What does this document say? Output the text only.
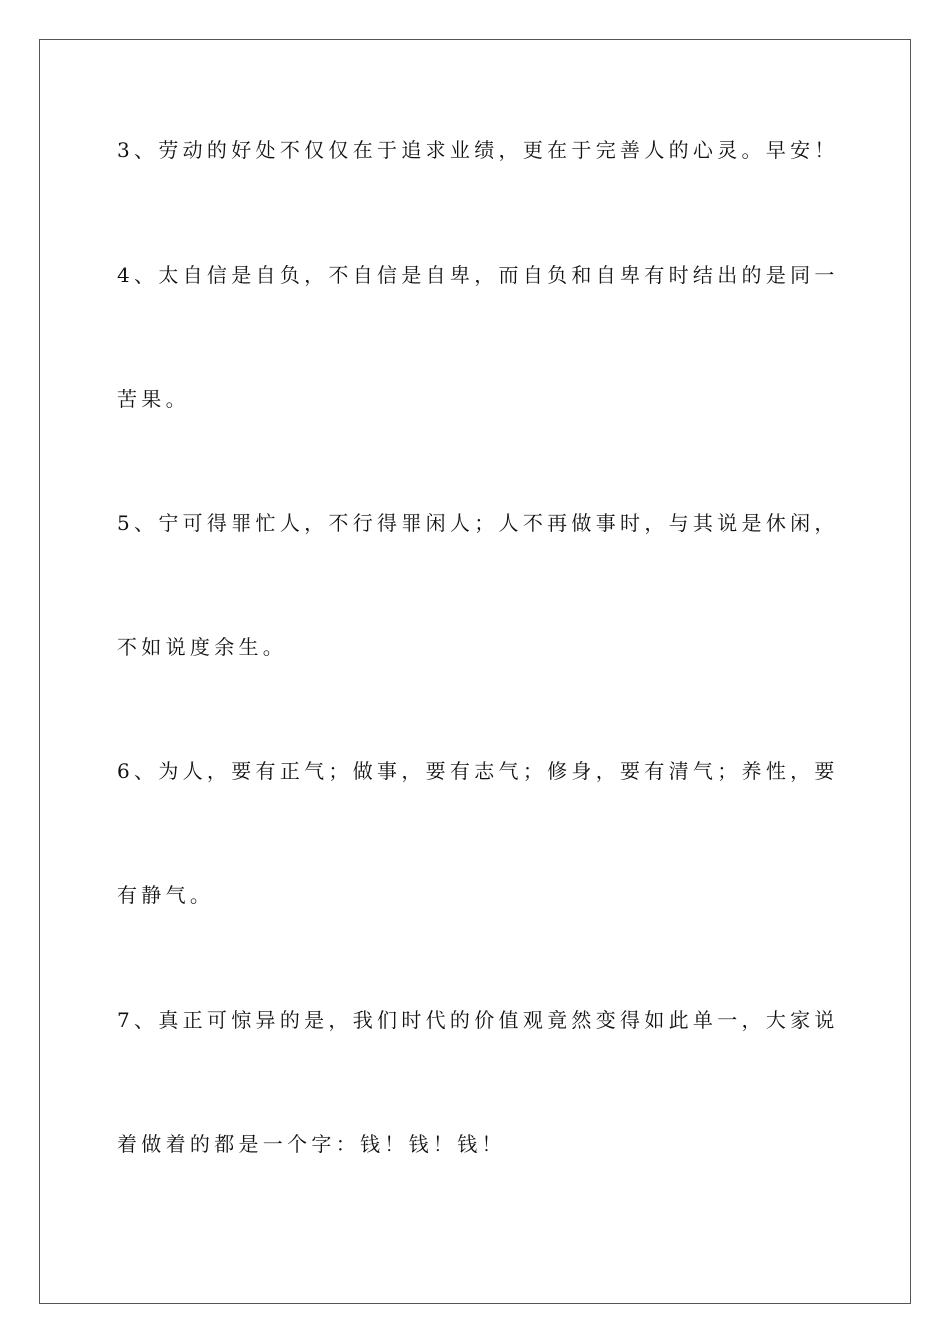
3、劳动的好处不仅仅在于追求业绩，更在于完善人的心灵。早安！

4、太自信是自负，不自信是自卑，而自负和自卑有时结出的是同一

苦果。

5、宁可得罪忙人，不行得罪闲人；人不再做事时，与其说是休闲，

不如说度余生。

6、为人，要有正气；做事，要有志气；修身，要有清气；养性，要

有静气。

7、真正可惊异的是，我们时代的价值观竟然变得如此单一，大家说

着做着的都是一个字：钱！钱！钱！
